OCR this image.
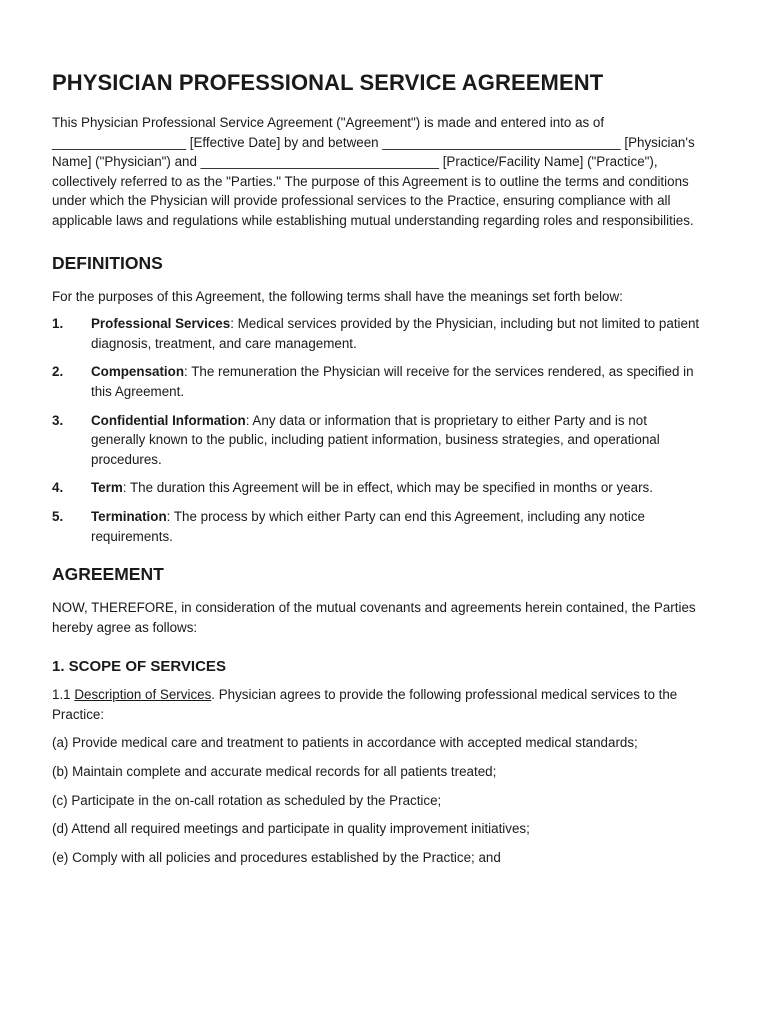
PHYSICIAN PROFESSIONAL SERVICE AGREEMENT

This Physician Professional Service Agreement ("Agreement") is made and entered into as of __________________ [Effective Date] by and between ________________________________ [Physician's Name] ("Physician") and ________________________________ [Practice/Facility Name] ("Practice"), collectively referred to as the "Parties." The purpose of this Agreement is to outline the terms and conditions under which the Physician will provide professional services to the Practice, ensuring compliance with all applicable laws and regulations while establishing mutual understanding regarding roles and responsibilities.

DEFINITIONS

For the purposes of this Agreement, the following terms shall have the meanings set forth below:

1.	Professional Services: Medical services provided by the Physician, including but not limited to patient diagnosis, treatment, and care management.
2.	Compensation: The remuneration the Physician will receive for the services rendered, as specified in this Agreement.
3.	Confidential Information: Any data or information that is proprietary to either Party and is not generally known to the public, including patient information, business strategies, and operational procedures.
4.	Term: The duration this Agreement will be in effect, which may be specified in months or years.
5.	Termination: The process by which either Party can end this Agreement, including any notice requirements.
AGREEMENT

NOW, THEREFORE, in consideration of the mutual covenants and agreements herein contained, the Parties hereby agree as follows:

1. SCOPE OF SERVICES

1.1 Description of Services. Physician agrees to provide the following professional medical services to the Practice:

(a) Provide medical care and treatment to patients in accordance with accepted medical standards;

(b) Maintain complete and accurate medical records for all patients treated;

(c) Participate in the on-call rotation as scheduled by the Practice;

(d) Attend all required meetings and participate in quality improvement initiatives;

(e) Comply with all policies and procedures established by the Practice; and
